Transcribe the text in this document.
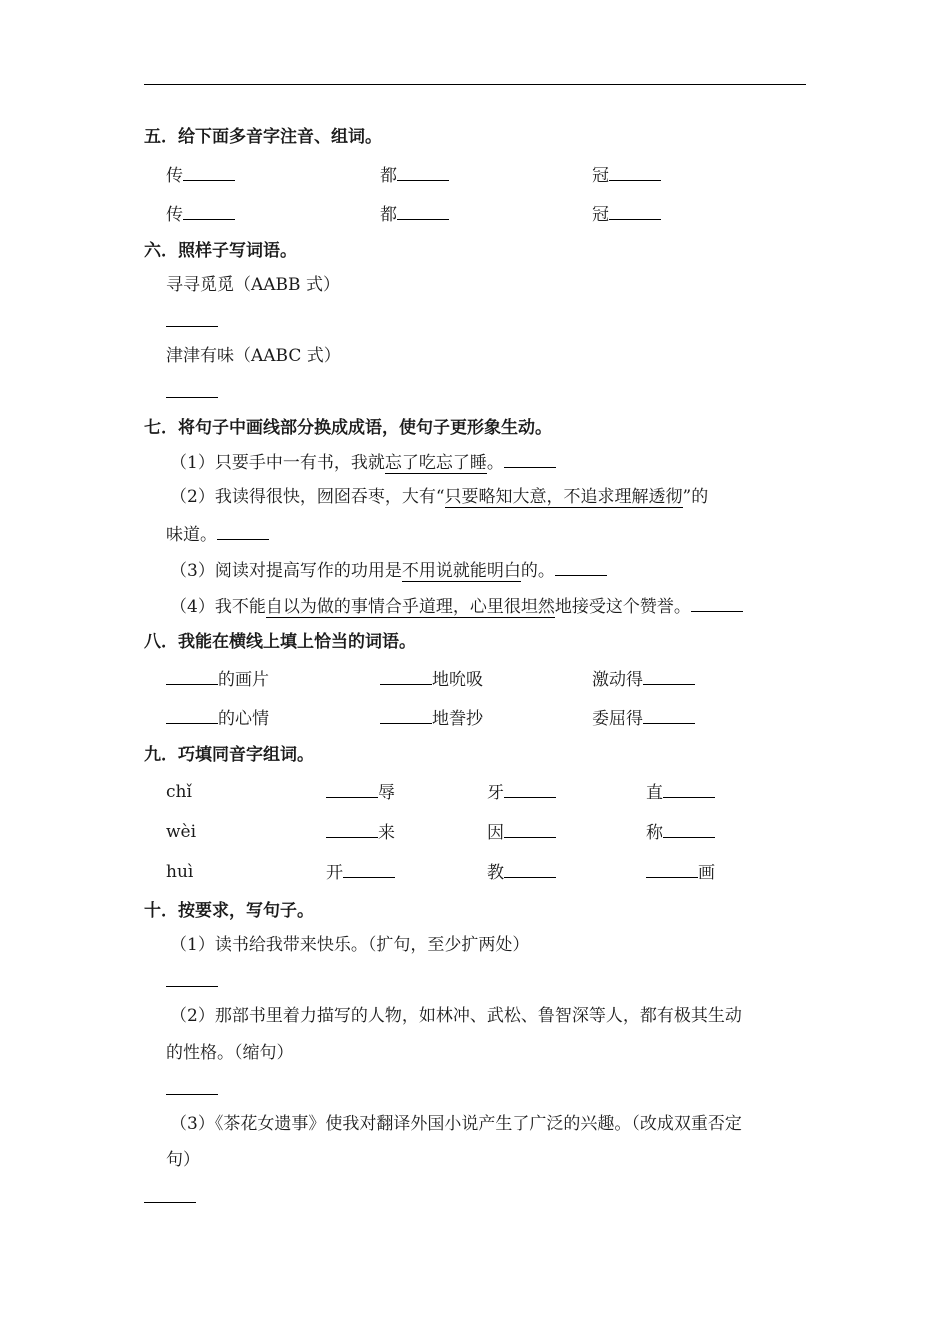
五．给下面多音字注音、组词。
传	都	冠
传	都	冠
六．照样子写词语。
寻寻觅觅（AABB 式）
津津有味（AABC 式）
七．将句子中画线部分换成成语，使句子更形象生动。
（1）只要手中一有书，我就忘了吃忘了睡。
（2）我读得很快，囫囵吞枣，大有“只要略知大意，不追求理解透彻”的
味道。
（3）阅读对提高写作的功用是不用说就能明白的。
（4）我不能自以为做的事情合乎道理，心里很坦然地接受这个赞誉。
八．我能在横线上填上恰当的词语。
的画片	地吮吸	激动得
的心情	地誊抄	委屈得
九．巧填同音字组词。
chǐ	辱	牙	直
wèi	来	因	称
huì	开	教	画
十．按要求，写句子。
（1）读书给我带来快乐。（扩句，至少扩两处）
（2）那部书里着力描写的人物，如林冲、武松、鲁智深等人，都有极其生动
的性格。（缩句）
（3）《茶花女遗事》使我对翻译外国小说产生了广泛的兴趣。（改成双重否定
句）
